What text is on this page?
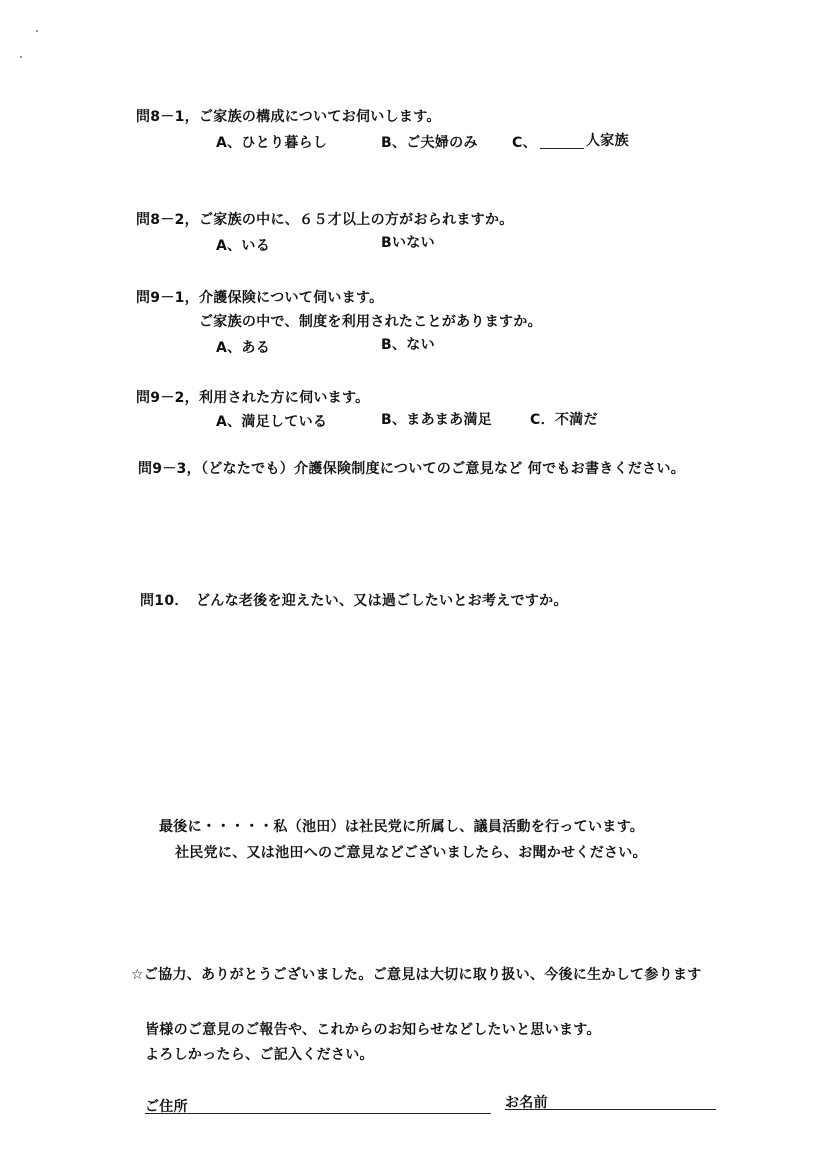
問8－1，ご家族の構成についてお伺いします。
A、ひとり暮らし	B、ご夫婦のみ C、	人家族
問8－2，ご家族の中に、６５才以上の方がおられますか。
A、いる	Bいない
問9－1，介護保険について伺います。
ご家族の中で、制度を利用されたことがありますか。
A、ある	B、ない
問9－2，利用された方に伺います。
A、満足している	B、まあまあ満足	C．不満だ
問9－3，（どなたでも）介護保険制度についてのご意見など 何でもお書きください。
問10．　どんな老後を迎えたい、又は過ごしたいとお考えですか。
最後に・・・・・私（池田）は社民党に所属し、議員活動を行っています。
社民党に、又は池田へのご意見などございましたら、お聞かせください。
☆ご協力、ありがとうございました。ご意見は大切に取り扱い、今後に生かして参ります
皆様のご意見のご報告や、これからのお知らせなどしたいと思います。
よろしかったら、ご記入ください。
ご住所	お名前
